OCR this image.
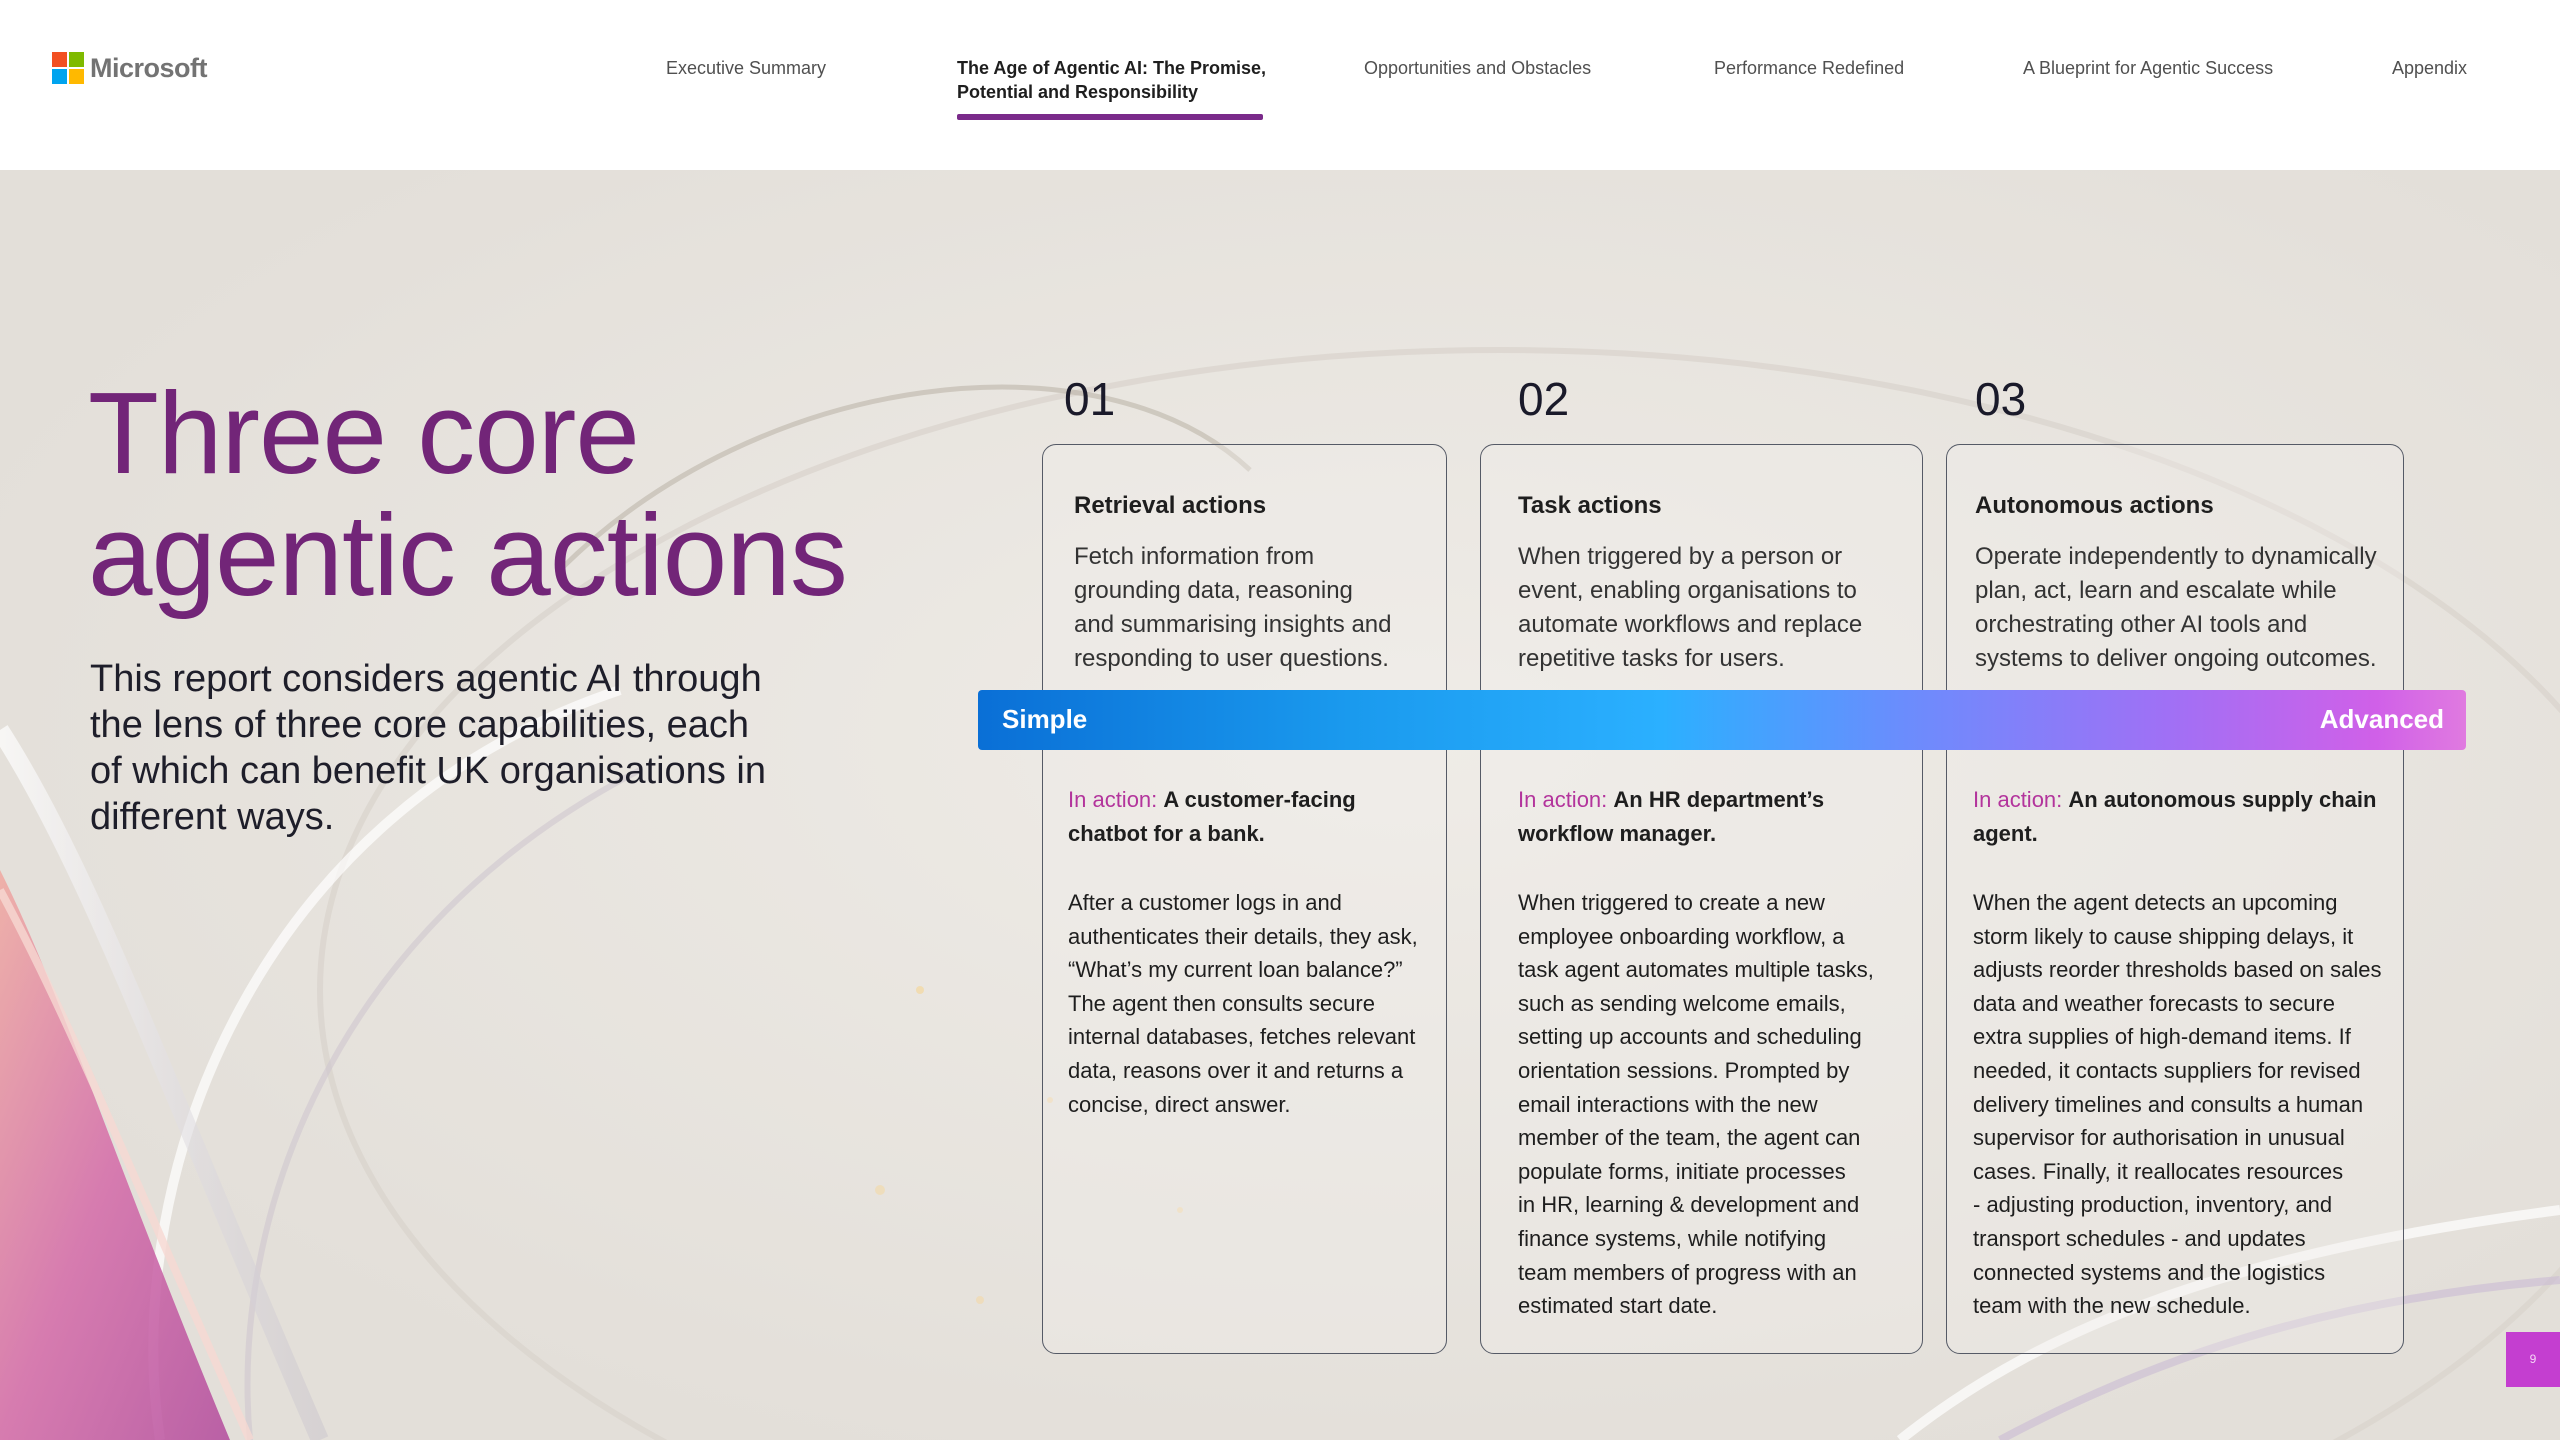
Microsoft	Executive Summary	The Age of Agentic AI: The Promise,
Potential and Responsibility
Opportunities and Obstacles	Performance Redefined	A Blueprint for Agentic Success	Appendix
Three core
agentic actions

This report considers agentic AI through
the lens of three core capabilities, each
of which can benefit UK organisations in
different ways.

01
Retrieval actions

Fetch information from
grounding data, reasoning
and summarising insights and
responding to user questions.

In action: A customer-facing
chatbot for a bank.

After a customer logs in and
authenticates their details, they ask,
“What’s my current loan balance?”
The agent then consults secure
internal databases, fetches relevant
data, reasons over it and returns a
concise, direct answer.

02
Task actions

When triggered by a person or
event, enabling organisations to
automate workflows and replace
repetitive tasks for users.

In action: An HR department’s
workflow manager.

When triggered to create a new
employee onboarding workflow, a
task agent automates multiple tasks,
such as sending welcome emails,
setting up accounts and scheduling
orientation sessions. Prompted by
email interactions with the new
member of the team, the agent can
populate forms, initiate processes
in HR, learning & development and
finance systems, while notifying
team members of progress with an
estimated start date.

03
Autonomous actions

Operate independently to dynamically
plan, act, learn and escalate while
orchestrating other AI tools and
systems to deliver ongoing outcomes.

In action: An autonomous supply chain
agent.

When the agent detects an upcoming
storm likely to cause shipping delays, it
adjusts reorder thresholds based on sales
data and weather forecasts to secure
extra supplies of high-demand items. If
needed, it contacts suppliers for revised
delivery timelines and consults a human
supervisor for authorisation in unusual
cases. Finally, it reallocates resources
- adjusting production, inventory, and
transport schedules - and updates
connected systems and the logistics
team with the new schedule.

Simple	Advanced
9
